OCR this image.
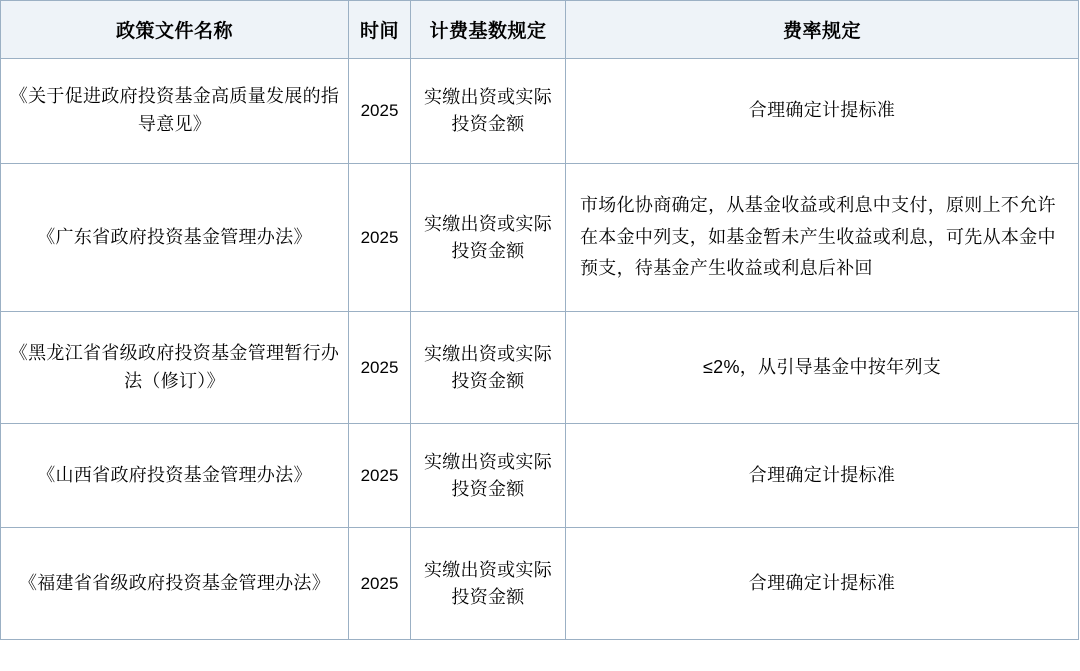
政策文件名称	时间	计费基数规定	费率规定
《关于促进政府投资基金高质量发展的指导意见》	2025	实缴出资或实际投资金额	合理确定计提标准
《广东省政府投资基金管理办法》	2025	实缴出资或实际投资金额	市场化协商确定，从基金收益或利息中支付，原则上不允许在本金中列支，如基金暂未产生收益或利息，可先从本金中预支，待基金产生收益或利息后补回
《黑龙江省省级政府投资基金管理暂行办法（修订）》	2025	实缴出资或实际投资金额	≤2%，从引导基金中按年列支
《山西省政府投资基金管理办法》	2025	实缴出资或实际投资金额	合理确定计提标准
《福建省省级政府投资基金管理办法》	2025	实缴出资或实际投资金额	合理确定计提标准
